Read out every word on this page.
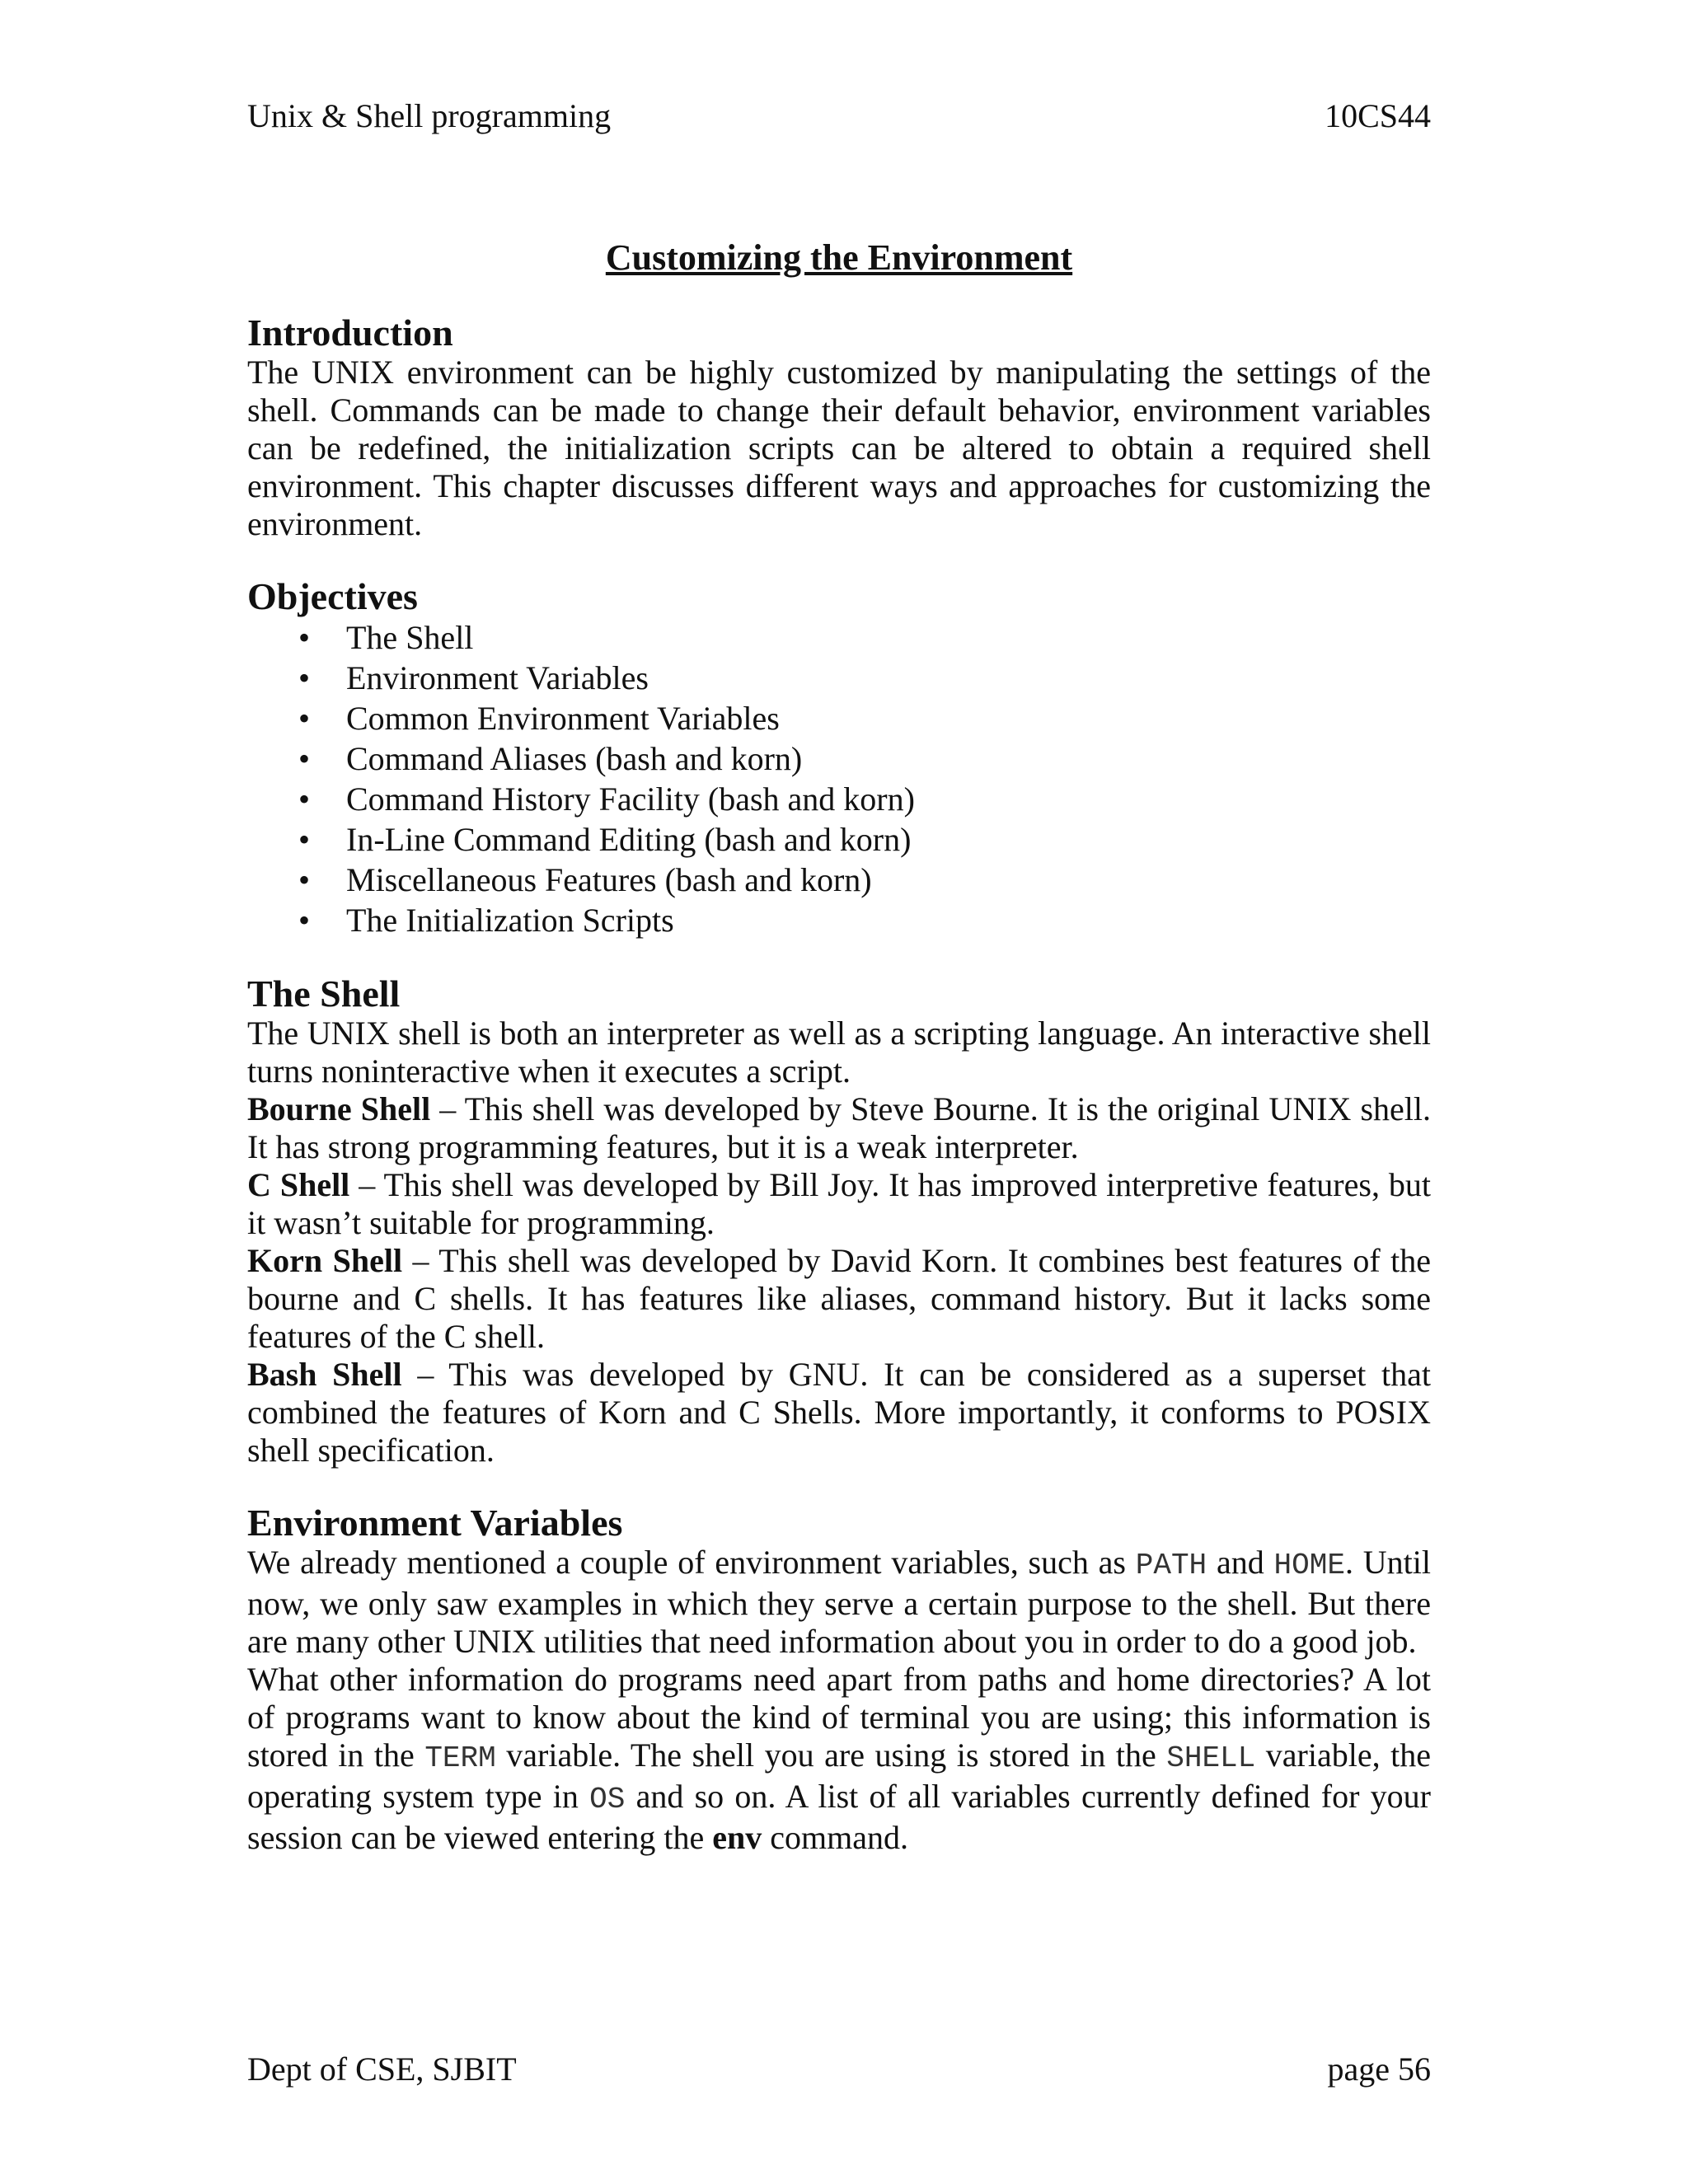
Unix & Shell programming	10CS44
Customizing the Environment
Introduction

The UNIX environment can be highly customized by manipulating the settings of the shell. Commands can be made to change their default behavior, environment variables can be redefined, the initialization scripts can be altered to obtain a required shell environment. This chapter discusses different ways and approaches for customizing the environment.

Objectives
• The Shell
• Environment Variables
• Common Environment Variables
• Command Aliases (bash and korn)
• Command History Facility (bash and korn)
• In-Line Command Editing (bash and korn)
• Miscellaneous Features (bash and korn)
• The Initialization Scripts
The Shell

The UNIX shell is both an interpreter as well as a scripting language. An interactive shell turns noninteractive when it executes a script.

Bourne Shell – This shell was developed by Steve Bourne. It is the original UNIX shell. It has strong programming features, but it is a weak interpreter.

C Shell – This shell was developed by Bill Joy. It has improved interpretive features, but it wasn’t suitable for programming.

Korn Shell – This shell was developed by David Korn. It combines best features of the bourne and C shells. It has features like aliases, command history. But it lacks some features of the C shell.

Bash Shell – This was developed by GNU. It can be considered as a superset that combined the features of Korn and C Shells. More importantly, it conforms to POSIX shell specification.

Environment Variables

We already mentioned a couple of environment variables, such as PATH and HOME. Until now, we only saw examples in which they serve a certain purpose to the shell. But there are many other UNIX utilities that need information about you in order to do a good job.

What other information do programs need apart from paths and home directories? A lot of programs want to know about the kind of terminal you are using; this information is stored in the TERM variable. The shell you are using is stored in the SHELL variable, the operating system type in OS and so on. A list of all variables currently defined for your session can be viewed entering the env command.

Dept of CSE, SJBIT	page 56
